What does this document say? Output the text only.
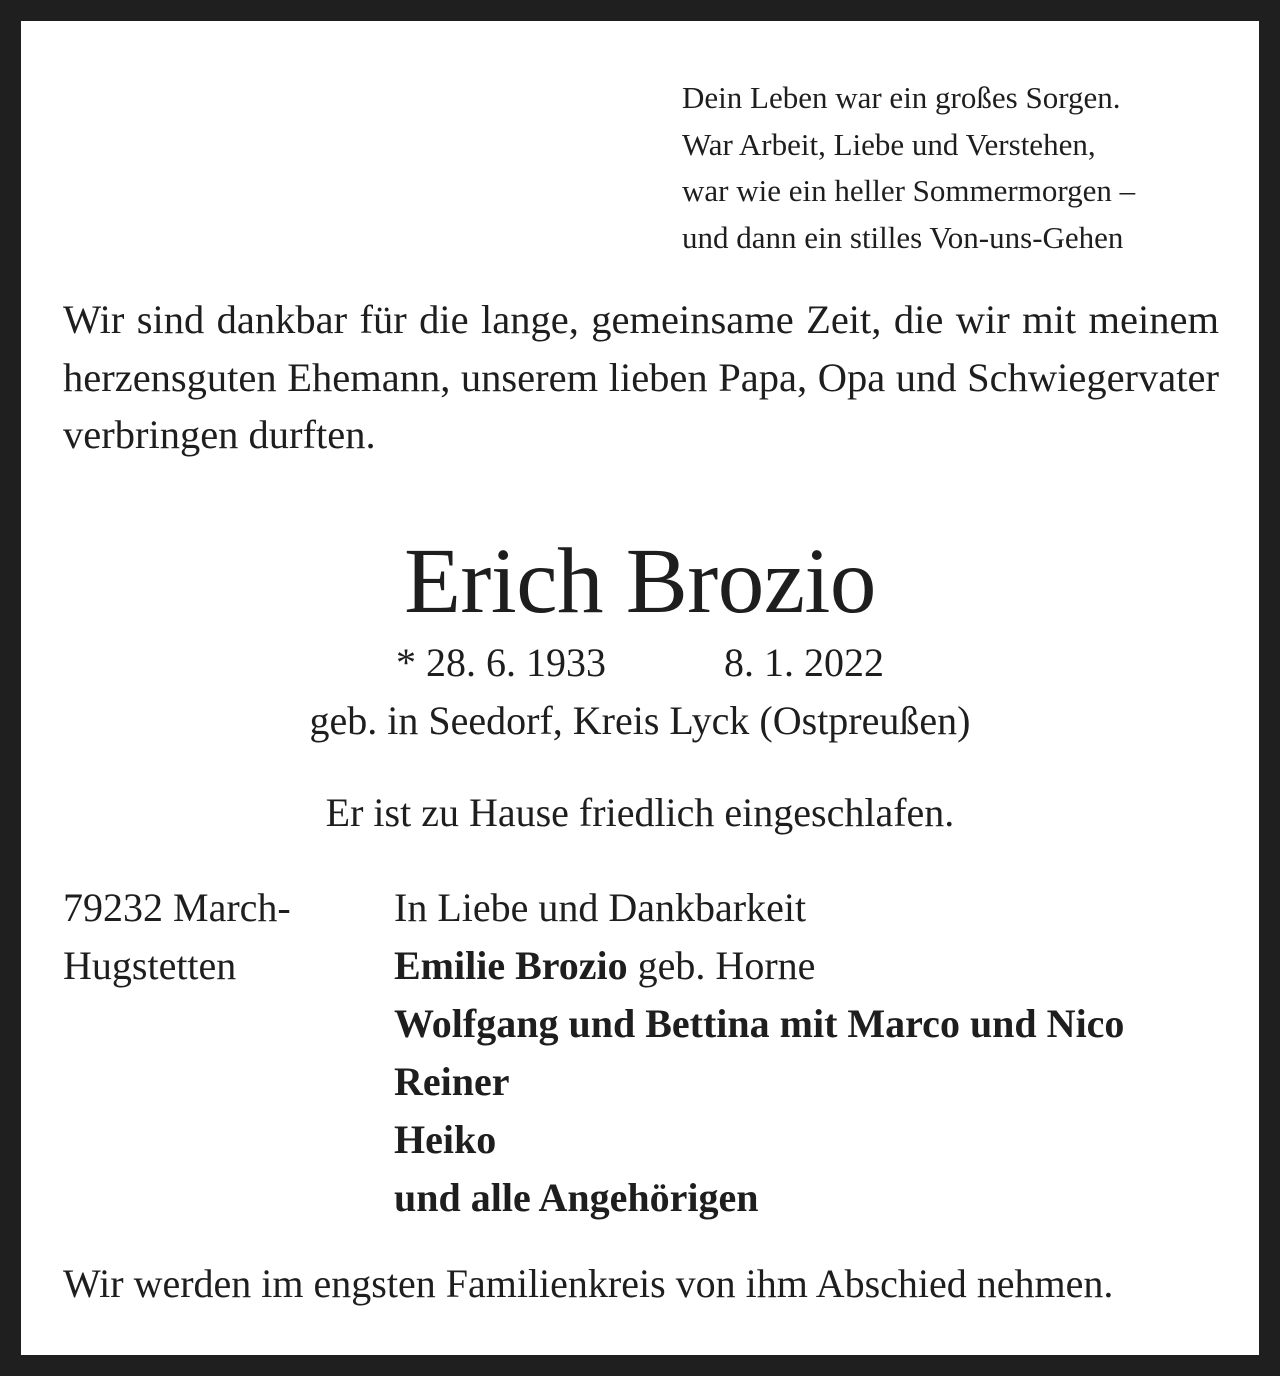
Dein Leben war ein großes Sorgen.
War Arbeit, Liebe und Verstehen,
war wie ein heller Sommermorgen –
und dann ein stilles Von-uns-Gehen
Wir sind dankbar für die lange, gemeinsame Zeit, die wir mit meinem herzensguten Ehemann, unserem lieben Papa, Opa und Schwiegervater verbringen durften.
Erich Brozio
* 28. 6. 1933	8. 1. 2022
geb. in Seedorf, Kreis Lyck (Ostpreußen)
Er ist zu Hause friedlich eingeschlafen.
79232 March-
Hugstetten
In Liebe und Dankbarkeit
Emilie Brozio geb. Horne
Wolfgang und Bettina mit Marco und Nico
Reiner
Heiko
und alle Angehörigen
Wir werden im engsten Familienkreis von ihm Abschied nehmen.
